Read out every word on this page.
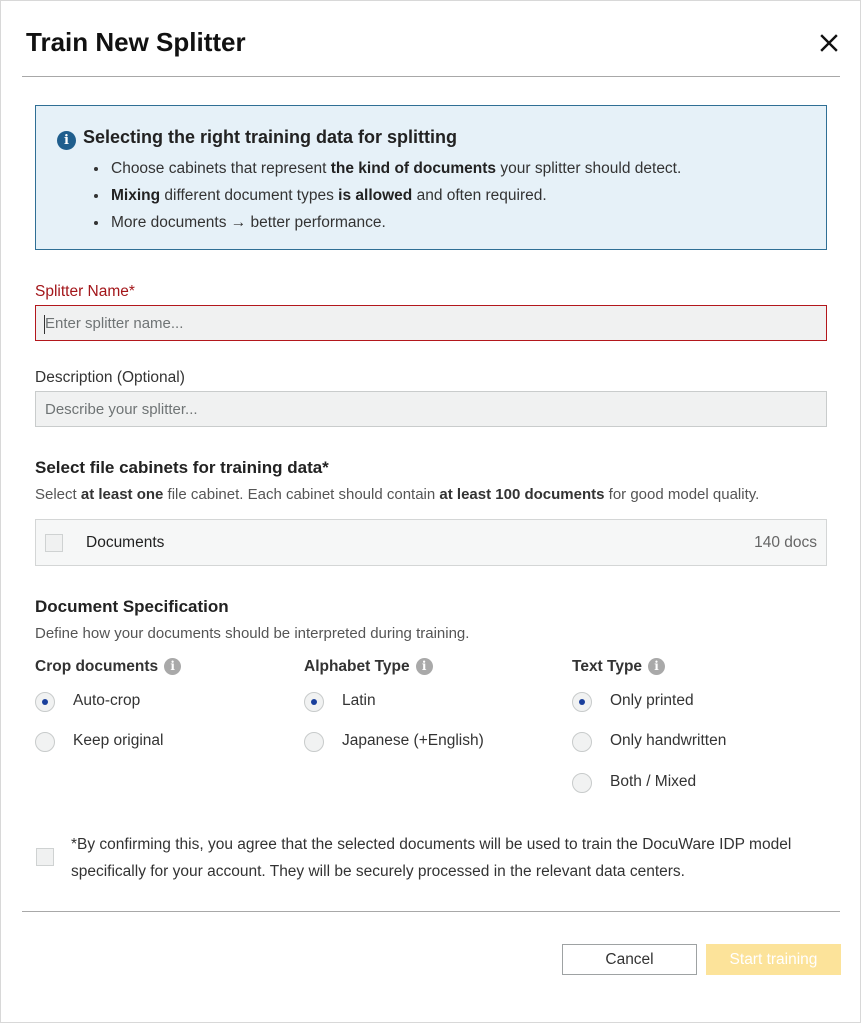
Train New Splitter
i Selecting the right training data for splitting
Choose cabinets that represent the kind of documents your splitter should detect.
Mixing different document types is allowed and often required.
More documents → better performance.
Splitter Name*
Enter splitter name...
Description (Optional)
Describe your splitter...
Select file cabinets for training data*
Select at least one file cabinet. Each cabinet should contain at least 100 documents for good model quality.
Documents	140 docs
Document Specification
Define how your documents should be interpreted during training.
Crop documents i
Auto-crop
Keep original
Alphabet Type i
Latin
Japanese (+English)
Text Type i
Only printed
Only handwritten
Both / Mixed
*By confirming this, you agree that the selected documents will be used to train the DocuWare IDP model specifically for your account. They will be securely processed in the relevant data centers.
Cancel	Start training
